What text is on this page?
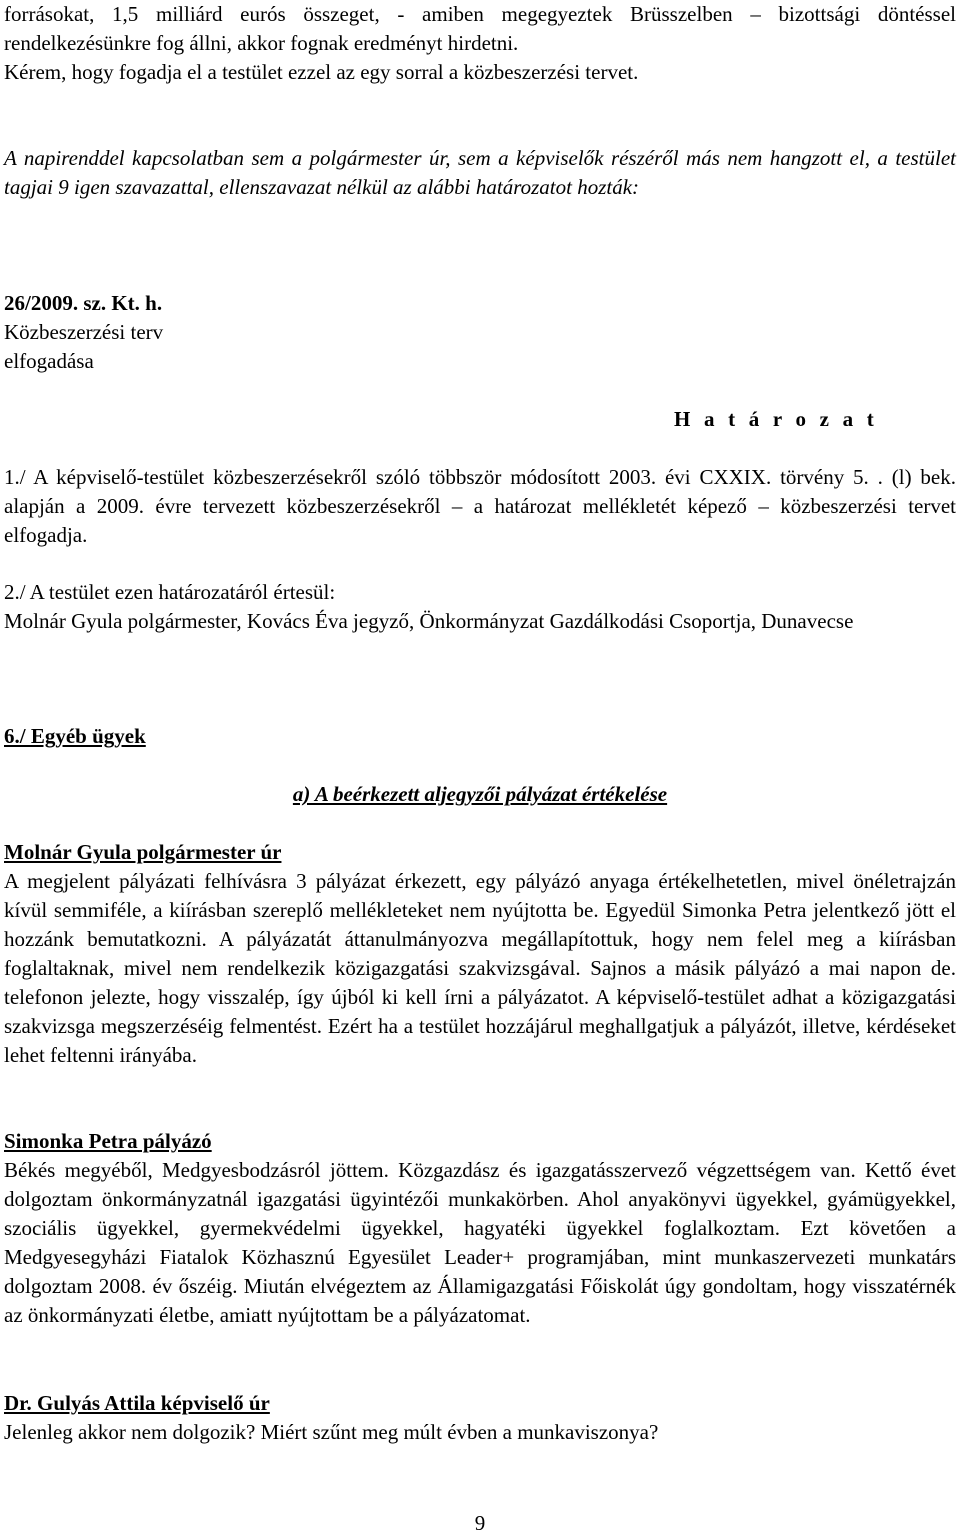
forrásokat, 1,5 milliárd eurós összeget, - amiben megegyeztek Brüsszelben – bizottsági döntéssel rendelkezésünkre fog állni, akkor fognak eredményt hirdetni.

Kérem, hogy fogadja el a testület ezzel az egy sorral a közbeszerzési tervet.

A napirenddel kapcsolatban sem a polgármester úr, sem a képviselők részéről más nem hangzott el, a testület tagjai 9 igen szavazattal, ellenszavazat nélkül az alábbi határozatot hozták:

26/2009. sz. Kt. h.

Közbeszerzési terv

elfogadása

H a t á r o z a t

1./ A képviselő-testület közbeszerzésekről szóló többször módosított 2003. évi CXXIX. törvény 5. . (l) bek. alapján a 2009. évre tervezett közbeszerzésekről – a határozat mellékletét képező – közbeszerzési tervet elfogadja.

2./ A testület ezen határozatáról értesül:

Molnár Gyula polgármester, Kovács Éva jegyző, Önkormányzat Gazdálkodási Csoportja, Dunavecse

6./ Egyéb ügyek

a) A beérkezett aljegyzői pályázat értékelése

Molnár Gyula polgármester úr

A megjelent pályázati felhívásra 3 pályázat érkezett, egy pályázó anyaga értékelhetetlen, mivel önéletrajzán kívül semmiféle, a kiírásban szereplő mellékleteket nem nyújtotta be. Egyedül Simonka Petra jelentkező jött el hozzánk bemutatkozni. A pályázatát áttanulmányozva megállapítottuk, hogy nem felel meg a kiírásban foglaltaknak, mivel nem rendelkezik közigazgatási szakvizsgával. Sajnos a másik pályázó a mai napon de. telefonon jelezte, hogy visszalép, így újból ki kell írni a pályázatot. A képviselő-testület adhat a közigazgatási szakvizsga megszerzéséig felmentést. Ezért ha a testület hozzájárul meghallgatjuk a pályázót, illetve, kérdéseket lehet feltenni irányába.

Simonka Petra pályázó

Békés megyéből, Medgyesbodzásról jöttem. Közgazdász és igazgatásszervező végzettségem van. Kettő évet dolgoztam önkormányzatnál igazgatási ügyintézői munkakörben. Ahol anyakönyvi ügyekkel, gyámügyekkel, szociális ügyekkel, gyermekvédelmi ügyekkel, hagyatéki ügyekkel foglalkoztam. Ezt követően a Medgyesegyházi Fiatalok Közhasznú Egyesület Leader+ programjában, mint munkaszervezeti munkatárs dolgoztam 2008. év őszéig. Miután elvégeztem az Államigazgatási Főiskolát úgy gondoltam, hogy visszatérnék az önkormányzati életbe, amiatt nyújtottam be a pályázatomat.

Dr. Gulyás Attila képviselő úr

Jelenleg akkor nem dolgozik? Miért szűnt meg múlt évben a munkaviszonya?

9
